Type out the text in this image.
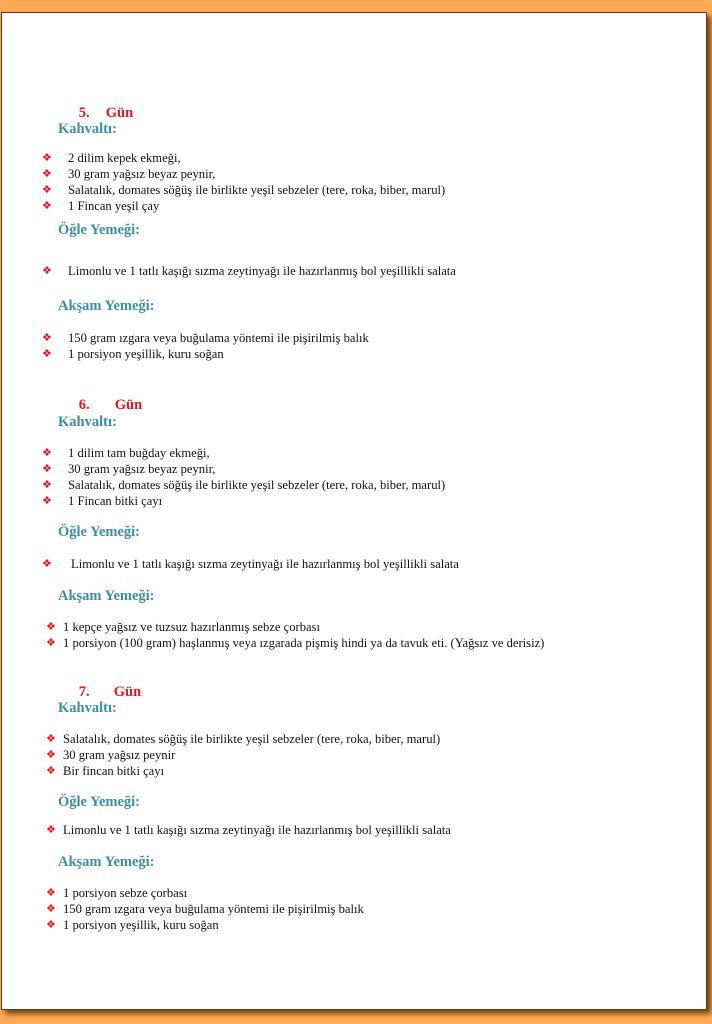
5. Gün

Kahvaltı:
❖ 2 dilim kepek ekmeği,
❖ 30 gram yağsız beyaz peynir,
❖ Salatalık, domates söğüş ile birlikte yeşil sebzeler (tere, roka, biber, marul)
❖ 1 Fincan yeşil çay
Öğle Yemeği:
❖ Limonlu ve 1 tatlı kaşığı sızma zeytinyağı ile hazırlanmış bol yeşillikli salata
Akşam Yemeği:
❖ 150 gram ızgara veya buğulama yöntemi ile pişirilmiş balık
❖ 1 porsiyon yeşillik, kuru soğan

6. Gün

Kahvaltı:
❖ 1 dilim tam buğday ekmeği,
❖ 30 gram yağsız beyaz peynir,
❖ Salatalık, domates söğüş ile birlikte yeşil sebzeler (tere, roka, biber, marul)
❖ 1 Fincan bitki çayı
Öğle Yemeği:
❖ Limonlu ve 1 tatlı kaşığı sızma zeytinyağı ile hazırlanmış bol yeşillikli salata
Akşam Yemeği:
❖ 1 kepçe yağsız ve tuzsuz hazırlanmış sebze çorbası
❖ 1 porsiyon (100 gram) haşlanmış veya ızgarada pişmiş hindi ya da tavuk eti. (Yağsız ve derisiz)

7. Gün

Kahvaltı:
❖ Salatalık, domates söğüş ile birlikte yeşil sebzeler (tere, roka, biber, marul)
❖ 30 gram yağsız peynir
❖ Bir fincan bitki çayı
Öğle Yemeği:
❖ Limonlu ve 1 tatlı kaşığı sızma zeytinyağı ile hazırlanmış bol yeşillikli salata
Akşam Yemeği:
❖ 1 porsiyon sebze çorbası
❖ 150 gram ızgara veya buğulama yöntemi ile pişirilmiş balık
❖ 1 porsiyon yeşillik, kuru soğan
